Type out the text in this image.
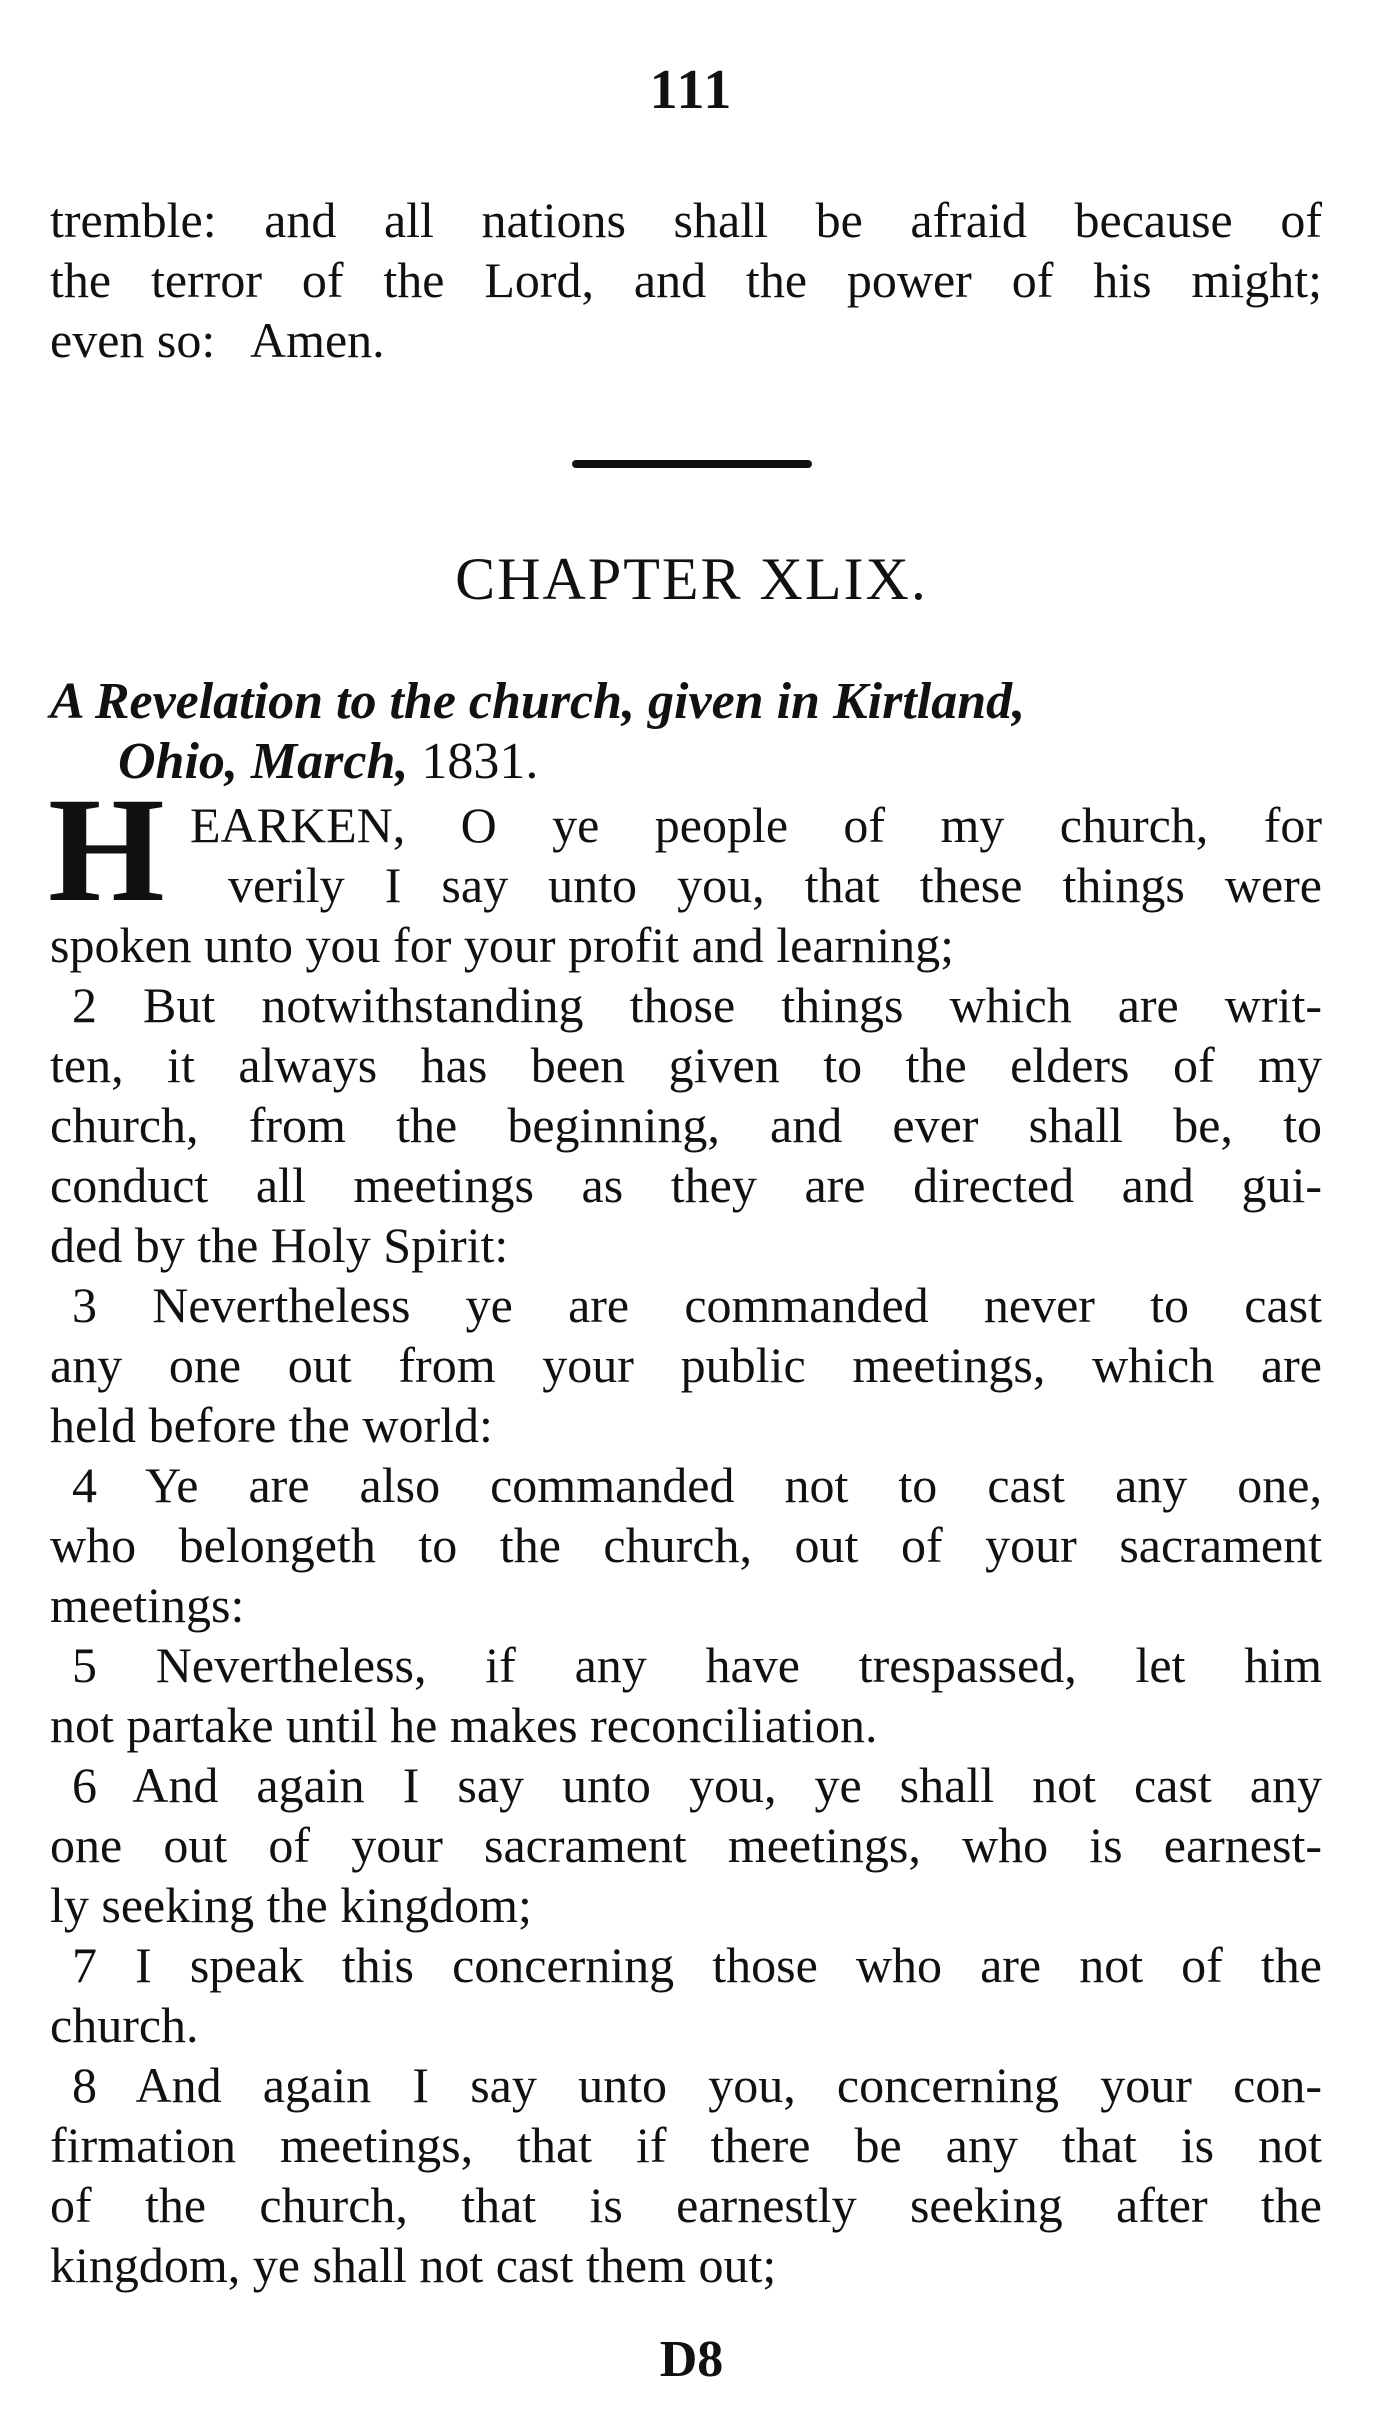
111
tremble: and all nations shall be afraid because of
the terror of the Lord, and the power of his might;
even so:   Amen.
CHAPTER XLIX.
A Revelation to the church, given in Kirtland,
Ohio, March, 1831.
H EARKEN, O ye people of my church, for
verily I say unto you, that these things were
spoken unto you for your profit and learning;
2 But notwithstanding those things which are writ-
ten, it always has been given to the elders of my
church, from the beginning, and ever shall be, to
conduct all meetings as they are directed and gui-
ded by the Holy Spirit:
3 Nevertheless ye are commanded never to cast
any one out from your public meetings, which are
held before the world:
4 Ye are also commanded not to cast any one,
who belongeth to the church, out of your sacrament
meetings:
5 Nevertheless, if any have trespassed, let him
not partake until he makes reconciliation.
6 And again I say unto you, ye shall not cast any
one out of your sacrament meetings, who is earnest-
ly seeking the kingdom;
7 I speak this concerning those who are not of the
church.
8 And again I say unto you, concerning your con-
firmation meetings, that if there be any that is not
of the church, that is earnestly seeking after the
kingdom, ye shall not cast them out;
D8
